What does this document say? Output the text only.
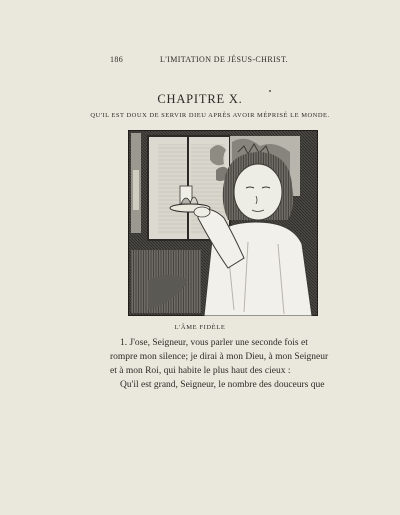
186	L'IMITATION DE JÉSUS-CHRIST.
CHAPITRE X.
QU'IL EST DOUX DE SERVIR DIEU APRÈS AVOIR MÉPRISÉ LE MONDE.
L'ÂME FIDÈLE

1. J'ose, Seigneur, vous parler une seconde fois et

rompre mon silence; je dirai à mon Dieu, à mon Seigneur
et à mon Roi, qui habite le plus haut des cieux :

Qu'il est grand, Seigneur, le nombre des douceurs que
